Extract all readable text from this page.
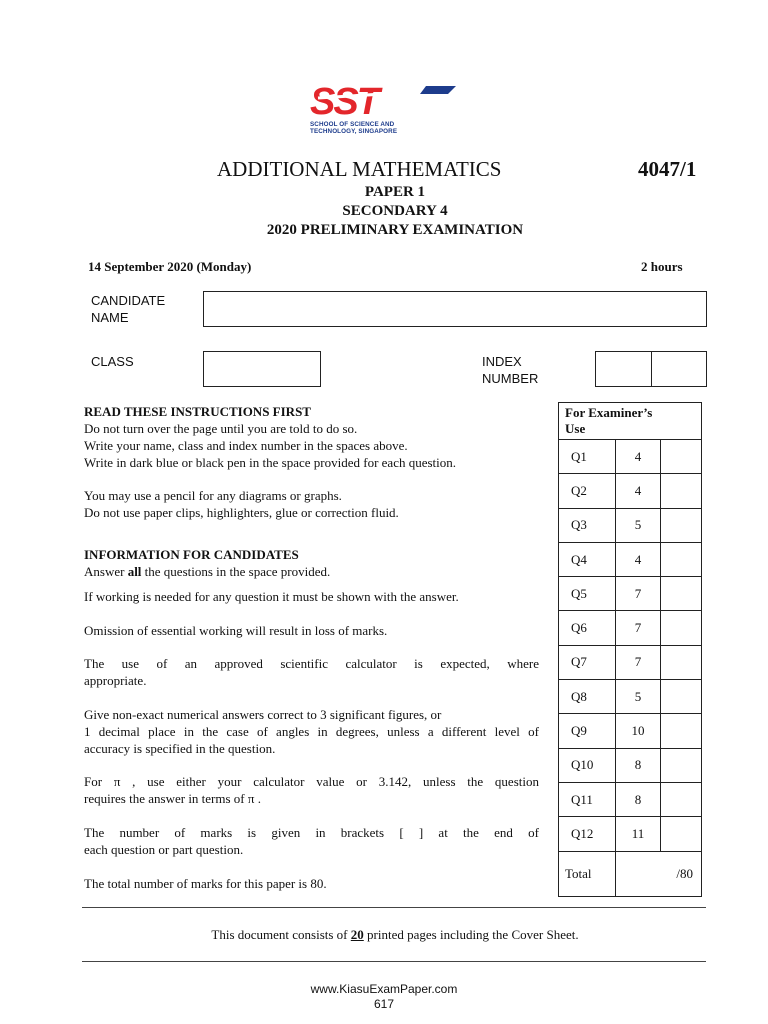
SST
SCHOOL OF SCIENCE AND
TECHNOLOGY, SINGAPORE
ADDITIONAL MATHEMATICS	4047/1
PAPER 1
SECONDARY 4
2020 PRELIMINARY EXAMINATION
14 September 2020 (Monday)	2 hours
CANDIDATE
NAME
CLASS	INDEX
NUMBER
READ THESE INSTRUCTIONS FIRST
Do not turn over the page until you are told to do so.
Write your name, class and index number in the spaces above.
Write in dark blue or black pen in the space provided for each question.
You may use a pencil for any diagrams or graphs.
Do not use paper clips, highlighters, glue or correction fluid.
INFORMATION FOR CANDIDATES
Answer all the questions in the space provided.
If working is needed for any question it must be shown with the answer.
Omission of essential working will result in loss of marks.
The use of an approved scientific calculator is expected, where
appropriate.
Give non-exact numerical answers correct to 3 significant figures, or
1 decimal place in the case of angles in degrees, unless a different level of
accuracy is specified in the question.
For π , use either your calculator value or 3.142, unless the question
requires the answer in terms of π .
The number of marks is given in brackets [ ] at the end of
each question or part question.
The total number of marks for this paper is 80.
For Examiner’s
Use		

Q1	4	
Q2	4	
Q3	5	
Q4	4	
Q5	7	
Q6	7	
Q7	7	
Q8	5	
Q9	10	
Q10	8	
Q11	8	
Q12	11	
Total	/80	
This document consists of 20 printed pages including the Cover Sheet.
www.KiasuExamPaper.com
617
